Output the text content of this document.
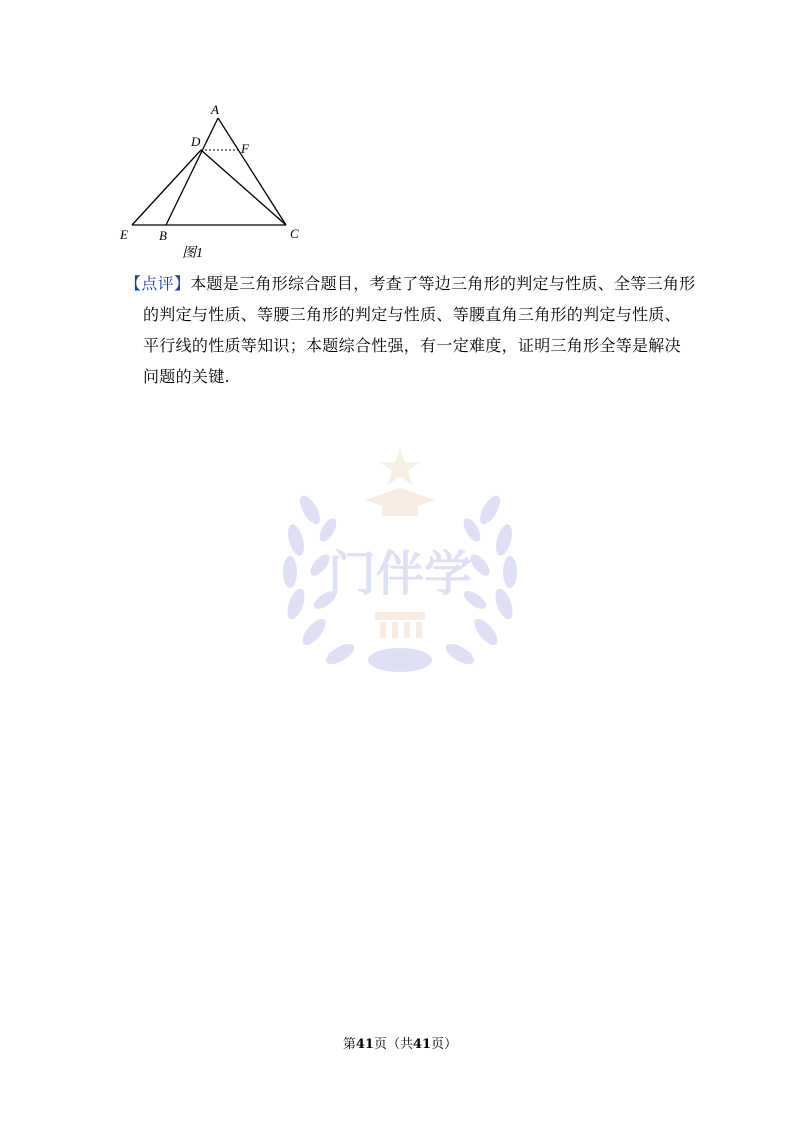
A
D	F
E B	C
图1
【点评】本题是三角形综合题目，考查了等边三角形的判定与性质、全等三角形
的判定与性质、等腰三角形的判定与性质、等腰直角三角形的判定与性质、
平行线的性质等知识；本题综合性强，有一定难度，证明三角形全等是解决
问题的关键.
门伴学
第41页（共41页）
